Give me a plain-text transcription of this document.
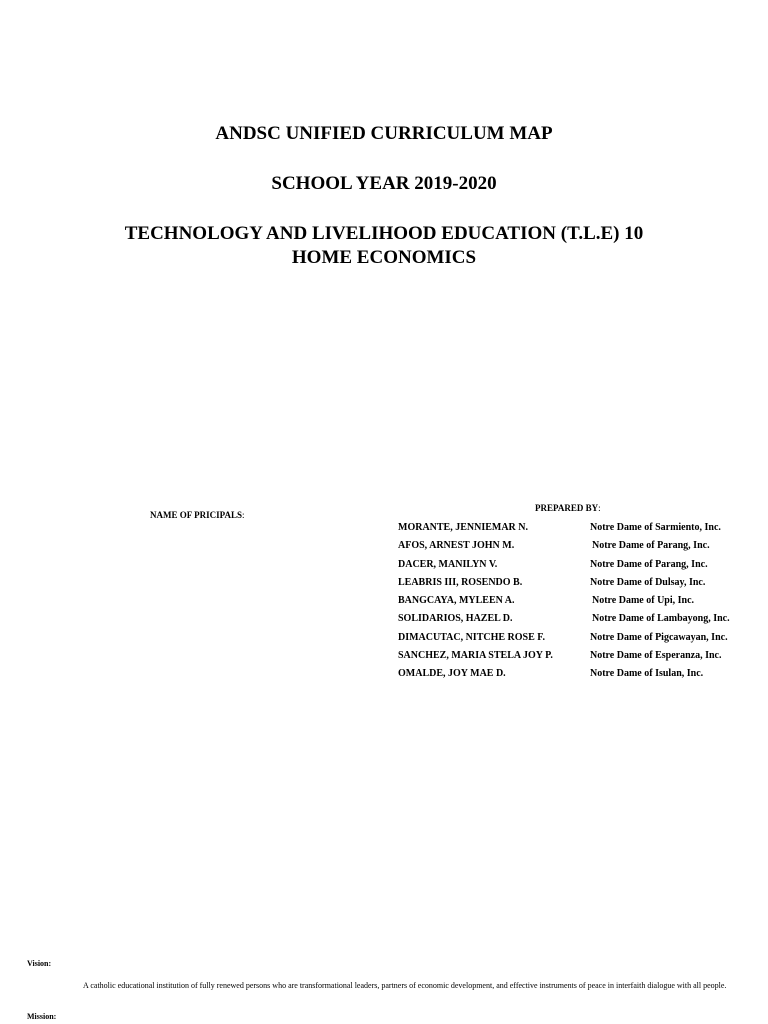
ANDSC UNIFIED CURRICULUM MAP

SCHOOL YEAR 2019-2020

TECHNOLOGY AND LIVELIHOOD EDUCATION (T.L.E) 10

HOME ECONOMICS

NAME OF PRICIPALS:
PREPARED BY:
MORANTE, JENNIEMAR N.	Notre Dame of Sarmiento, Inc.
AFOS, ARNEST JOHN M.	Notre Dame of Parang, Inc.
DACER, MANILYN V.	Notre Dame of Parang, Inc.
LEABRIS III, ROSENDO B.	Notre Dame of Dulsay, Inc.
BANGCAYA, MYLEEN A.	Notre Dame of Upi, Inc.
SOLIDARIOS, HAZEL D.	Notre Dame of Lambayong, Inc.
DIMACUTAC, NITCHE ROSE F.	Notre Dame of Pigcawayan, Inc.
SANCHEZ, MARIA STELA JOY P.	Notre Dame of Esperanza, Inc.
OMALDE, JOY MAE D.	Notre Dame of Isulan, Inc.
Vision:
A catholic educational institution of fully renewed persons who are transformational leaders, partners of economic development, and effective instruments of peace in interfaith dialogue with all people.
Mission:
